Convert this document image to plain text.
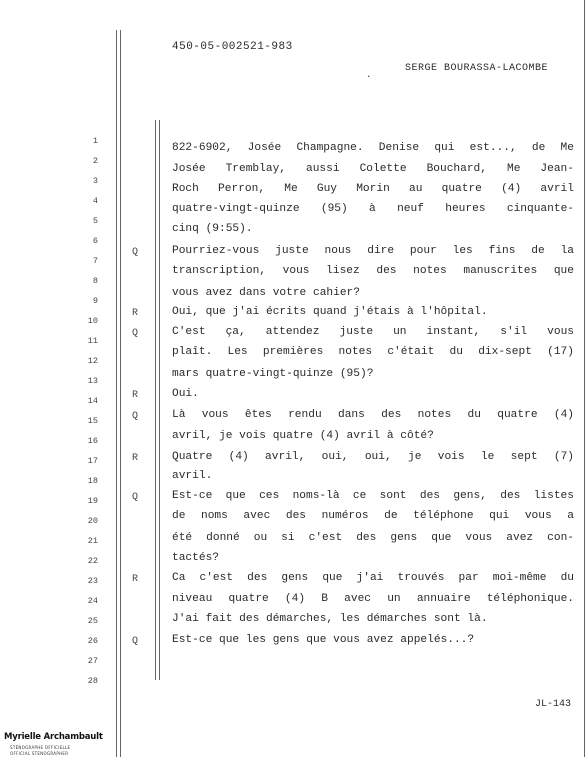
450-05-002521-983
.
SERGE BOURASSA-LACOMBE
1
822-6902, Josée Champagne. Denise qui est..., de Me
2
Josée Tremblay, aussi Colette Bouchard, Me Jean-
3
Roch Perron, Me Guy Morin au quatre (4) avril
4
quatre-vingt-quinze (95) à neuf heures cinquante-
5
cinq (9:55).
6
Q	Pourriez-vous juste nous dire pour les fins de la
7
transcription, vous lisez des notes manuscrites que
8
vous avez dans votre cahier?
9
R	Oui, que j'ai écrits quand j'étais à l'hôpital.
10
Q	C'est ça, attendez juste un instant, s'il vous
11
plaît. Les premières notes c'était du dix-sept (17)
12
mars quatre-vingt-quinze (95)?
13
R	Oui.
14
Q	Là vous êtes rendu dans des notes du quatre (4)
15
avril, je vois quatre (4) avril à côté?
16
R	Quatre (4) avril, oui, oui, je vois le sept (7)
17
avril.
18
Q	Est-ce que ces noms-là ce sont des gens, des listes
19
de noms avec des numéros de téléphone qui vous a
20
été donné ou si c'est des gens que vous avez con-
21
tactés?
22
R	Ca c'est des gens que j'ai trouvés par moi-même du
23
niveau quatre (4) B avec un annuaire téléphonique.
24
J'ai fait des démarches, les démarches sont là.
25
Q	Est-ce que les gens que vous avez appelés...?
26
27
28
JL-143
Myrielle Archambault
STÉNOGRAPHE OFFICIELLE
OFFICIAL STENOGRAPHER
